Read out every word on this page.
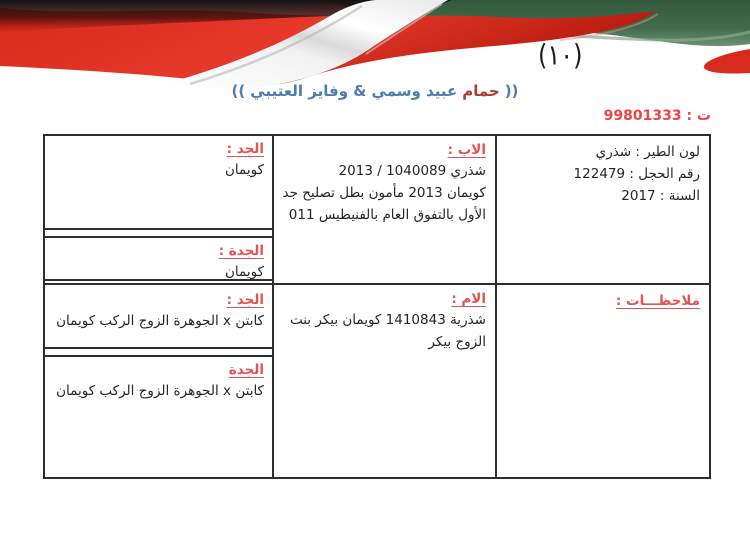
(١٠)
((
حمام
عبيد وسمي & وفايز العتيبي
))
ت : 99801333
لون الطير : شذري
رقم الحجل : 122479
السنة : 2017
الاب :
شذري 1040089 / 2013
كويمان 2013 مأمون بطل تصليح جد
الأول بالتفوق العام بالفنيطيس 011
الجد :
كويمان
الجدة :
كويمان
ملاحظـــات :
الام :
شذرية 1410843 كويمان بيكر بنت الزوج بيكر
الجد :
كابتن x الجوهرة الزوج الركب كويمان
الجدة
كابتن x الجوهرة الزوج الركب كويمان
